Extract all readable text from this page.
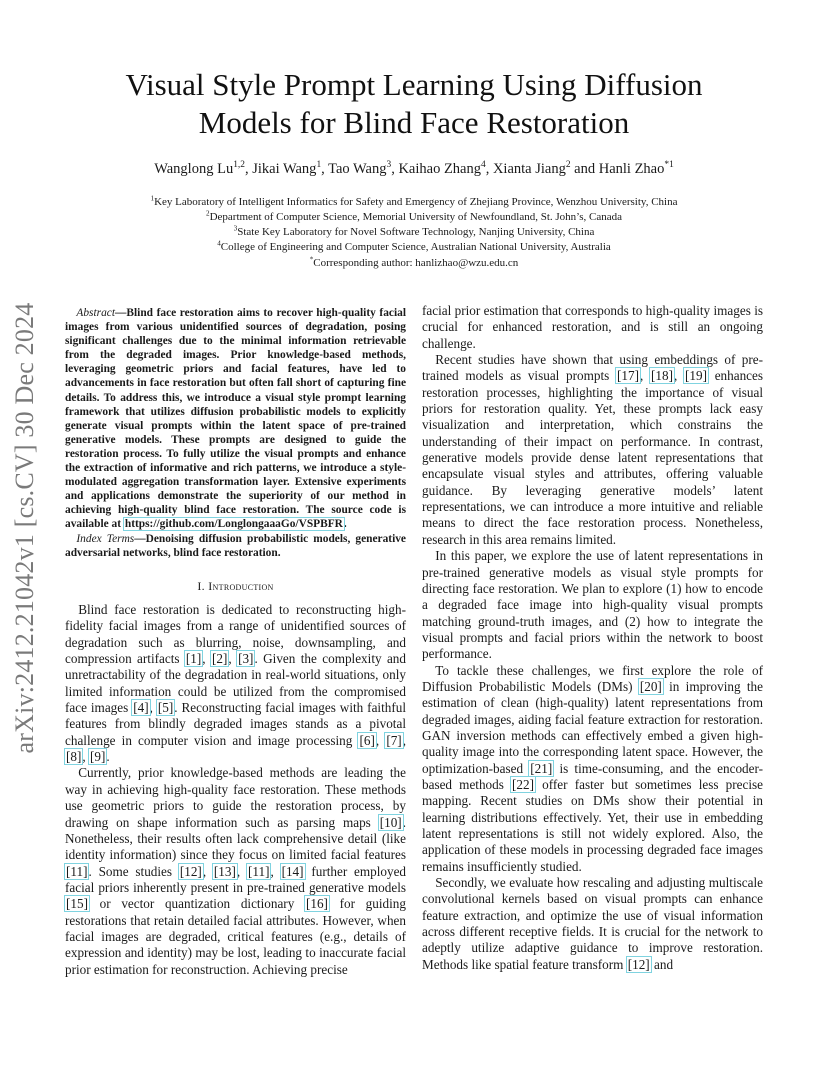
arXiv:2412.21042v1 [cs.CV] 30 Dec 2024
Visual Style Prompt Learning Using Diffusion
Models for Blind Face Restoration
Wanglong Lu$^{1,2}$, Jikai Wang$^1$, Tao Wang$^3$, Kaihao Zhang$^4$, Xianta Jiang$^2$ and Hanli Zhao$^{*1}$
$^1$Key Laboratory of Intelligent Informatics for Safety and Emergency of Zhejiang Province, Wenzhou University, China
$^2$Department of Computer Science, Memorial University of Newfoundland, St. John’s, Canada
$^3$State Key Laboratory for Novel Software Technology, Nanjing University, China
$^4$College of Engineering and Computer Science, Australian National University, Australia
*Corresponding author: hanlizhao@wzu.edu.cn

Abstract—Blind face restoration aims to recover high-quality facial images from various unidentified sources of degradation, posing significant challenges due to the minimal information retrievable from the degraded images. Prior knowledge-based methods, leveraging geometric priors and facial features, have led to advancements in face restoration but often fall short of capturing fine details. To address this, we introduce a visual style prompt learning framework that utilizes diffusion probabilistic models to explicitly generate visual prompts within the latent space of pre-trained generative models. These prompts are designed to guide the restoration process. To fully utilize the visual prompts and enhance the extraction of informative and rich patterns, we introduce a style-modulated aggregation transformation layer. Extensive experiments and applications demonstrate the superiority of our method in achieving high-quality blind face restoration. The source code is available at https://github.com/LonglongaaaGo/VSPBFR.

Index Terms—Denoising diffusion probabilistic models, generative adversarial networks, blind face restoration.

I. Introduction

Blind face restoration is dedicated to reconstructing high-fidelity facial images from a range of unidentified sources of degradation such as blurring, noise, downsampling, and compression artifacts [1], [2], [3]. Given the complexity and unretractability of the degradation in real-world situations, only limited information could be utilized from the compromised face images [4], [5]. Reconstructing facial images with faithful features from blindly degraded images stands as a pivotal challenge in computer vision and image processing [6], [7], [8], [9].

Currently, prior knowledge-based methods are leading the way in achieving high-quality face restoration. These methods use geometric priors to guide the restoration process, by drawing on shape information such as parsing maps [10]. Nonetheless, their results often lack comprehensive detail (like identity information) since they focus on limited facial features [11]. Some studies [12], [13], [11], [14] further employed facial priors inherently present in pre-trained generative models [15] or vector quantization dictionary [16] for guiding restorations that retain detailed facial attributes. However, when facial images are degraded, critical features (e.g., details of expression and identity) may be lost, leading to inaccurate facial prior estimation for reconstruction. Achieving precise

facial prior estimation that corresponds to high-quality images is crucial for enhanced restoration, and is still an ongoing challenge.

Recent studies have shown that using embeddings of pre-trained models as visual prompts [17], [18], [19] enhances restoration processes, highlighting the importance of visual priors for restoration quality. Yet, these prompts lack easy visualization and interpretation, which constrains the understanding of their impact on performance. In contrast, generative models provide dense latent representations that encapsulate visual styles and attributes, offering valuable guidance. By leveraging generative models’ latent representations, we can introduce a more intuitive and reliable means to direct the face restoration process. Nonetheless, research in this area remains limited.

In this paper, we explore the use of latent representations in pre-trained generative models as visual style prompts for directing face restoration. We plan to explore (1) how to encode a degraded face image into high-quality visual prompts matching ground-truth images, and (2) how to integrate the visual prompts and facial priors within the network to boost performance.

To tackle these challenges, we first explore the role of Diffusion Probabilistic Models (DMs) [20] in improving the estimation of clean (high-quality) latent representations from degraded images, aiding facial feature extraction for restoration. GAN inversion methods can effectively embed a given high-quality image into the corresponding latent space. However, the optimization-based [21] is time-consuming, and the encoder-based methods [22] offer faster but sometimes less precise mapping. Recent studies on DMs show their potential in learning distributions effectively. Yet, their use in embedding latent representations is still not widely explored. Also, the application of these models in processing degraded face images remains insufficiently studied.

Secondly, we evaluate how rescaling and adjusting multiscale convolutional kernels based on visual prompts can enhance feature extraction, and optimize the use of visual information across different receptive fields. It is crucial for the network to adeptly utilize adaptive guidance to improve restoration. Methods like spatial feature transform [12] and
